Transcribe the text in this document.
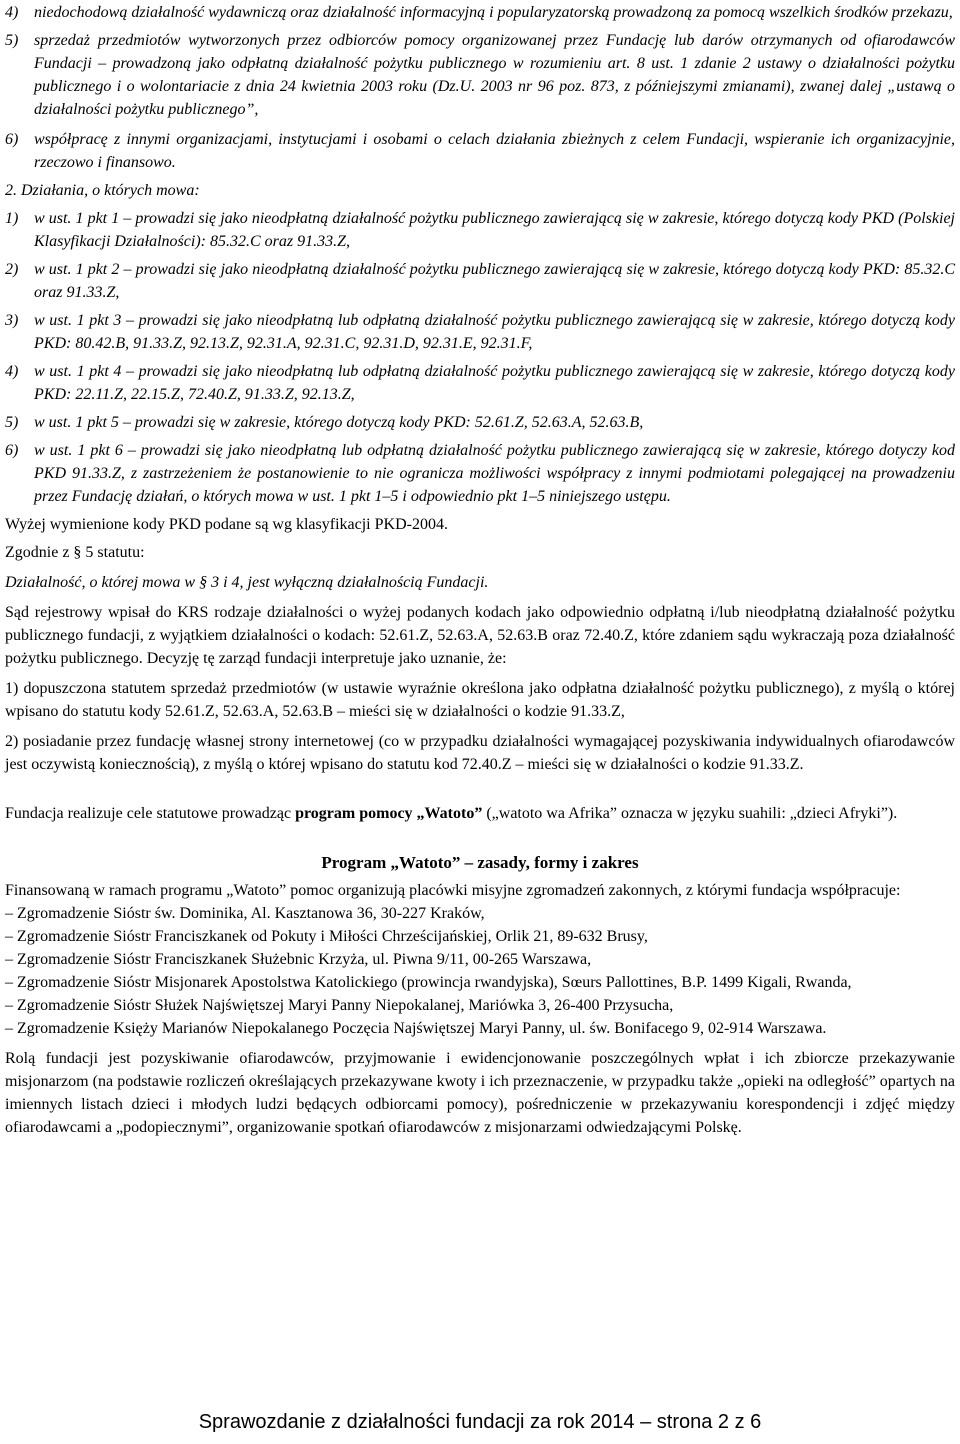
4) niedochodową działalność wydawniczą oraz działalność informacyjną i popularyzatorską prowadzoną za pomocą wszelkich środków przekazu,
5) sprzedaż przedmiotów wytworzonych przez odbiorców pomocy organizowanej przez Fundację lub darów otrzymanych od ofiarodawców Fundacji – prowadzoną jako odpłatną działalność pożytku publicznego w rozumieniu art. 8 ust. 1 zdanie 2 ustawy o działalności pożytku publicznego i o wolontariacie z dnia 24 kwietnia 2003 roku (Dz.U. 2003 nr 96 poz. 873, z późniejszymi zmianami), zwanej dalej „ustawą o działalności pożytku publicznego”,
6) współpracę z innymi organizacjami, instytucjami i osobami o celach działania zbieżnych z celem Fundacji, wspieranie ich organizacyjnie, rzeczowo i finansowo.

2. Działania, o których mowa:

1) w ust. 1 pkt 1 – prowadzi się jako nieodpłatną działalność pożytku publicznego zawierającą się w zakresie, którego dotyczą kody PKD (Polskiej Klasyfikacji Działalności): 85.32.C oraz 91.33.Z,
2) w ust. 1 pkt 2 – prowadzi się jako nieodpłatną działalność pożytku publicznego zawierającą się w zakresie, którego dotyczą kody PKD: 85.32.C oraz 91.33.Z,
3) w ust. 1 pkt 3 – prowadzi się jako nieodpłatną lub odpłatną działalność pożytku publicznego zawierającą się w zakresie, którego dotyczą kody PKD: 80.42.B, 91.33.Z, 92.13.Z, 92.31.A, 92.31.C, 92.31.D, 92.31.E, 92.31.F,
4) w ust. 1 pkt 4 – prowadzi się jako nieodpłatną lub odpłatną działalność pożytku publicznego zawierającą się w zakresie, którego dotyczą kody PKD: 22.11.Z, 22.15.Z, 72.40.Z, 91.33.Z, 92.13.Z,
5) w ust. 1 pkt 5 – prowadzi się w zakresie, którego dotyczą kody PKD: 52.61.Z, 52.63.A, 52.63.B,
6) w ust. 1 pkt 6 – prowadzi się jako nieodpłatną lub odpłatną działalność pożytku publicznego zawierającą się w zakresie, którego dotyczy kod PKD 91.33.Z, z zastrzeżeniem że postanowienie to nie ogranicza możliwości współpracy z innymi podmiotami polegającej na prowadzeniu przez Fundację działań, o których mowa w ust. 1 pkt 1–5 i odpowiednio pkt 1–5 niniejszego ustępu.

Wyżej wymienione kody PKD podane są wg klasyfikacji PKD-2004.

Zgodnie z § 5 statutu:

Działalność, o której mowa w § 3 i 4, jest wyłączną działalnością Fundacji.

Sąd rejestrowy wpisał do KRS rodzaje działalności o wyżej podanych kodach jako odpowiednio odpłatną i/lub nieodpłatną działalność pożytku publicznego fundacji, z wyjątkiem działalności o kodach: 52.61.Z, 52.63.A, 52.63.B oraz 72.40.Z, które zdaniem sądu wykraczają poza działalność pożytku publicznego. Decyzję tę zarząd fundacji interpretuje jako uznanie, że:

1) dopuszczona statutem sprzedaż przedmiotów (w ustawie wyraźnie określona jako odpłatna działalność pożytku publicznego), z myślą o której wpisano do statutu kody 52.61.Z, 52.63.A, 52.63.B – mieści się w działalności o kodzie 91.33.Z,

2) posiadanie przez fundację własnej strony internetowej (co w przypadku działalności wymagającej pozyskiwania indywidualnych ofiarodawców jest oczywistą koniecznością), z myślą o której wpisano do statutu kod 72.40.Z – mieści się w działalności o kodzie 91.33.Z.

Fundacja realizuje cele statutowe prowadząc program pomocy „Watoto” („watoto wa Afrika” oznacza w języku suahili: „dzieci Afryki”).

Program „Watoto” – zasady, formy i zakres

Finansowaną w ramach programu „Watoto” pomoc organizują placówki misyjne zgromadzeń zakonnych, z którymi fundacja współpracuje:

– Zgromadzenie Sióstr św. Dominika, Al. Kasztanowa 36, 30-227 Kraków,

– Zgromadzenie Sióstr Franciszkanek od Pokuty i Miłości Chrześcijańskiej, Orlik 21, 89-632 Brusy,

– Zgromadzenie Sióstr Franciszkanek Służebnic Krzyża, ul. Piwna 9/11, 00-265 Warszawa,

– Zgromadzenie Sióstr Misjonarek Apostolstwa Katolickiego (prowincja rwandyjska), Sœurs Pallottines, B.P. 1499 Kigali, Rwanda,

– Zgromadzenie Sióstr Służek Najświętszej Maryi Panny Niepokalanej, Mariówka 3, 26-400 Przysucha,

– Zgromadzenie Księży Marianów Niepokalanego Poczęcia Najświętszej Maryi Panny, ul. św. Bonifacego 9, 02-914 Warszawa.

Rolą fundacji jest pozyskiwanie ofiarodawców, przyjmowanie i ewidencjonowanie poszczególnych wpłat i ich zbiorcze przekazywanie misjonarzom (na podstawie rozliczeń określających przekazywane kwoty i ich przeznaczenie, w przypadku także „opieki na odległość” opartych na imiennych listach dzieci i młodych ludzi będących odbiorcami pomocy), pośredniczenie w przekazywaniu korespondencji i zdjęć między ofiarodawcami a „podopiecznymi”, organizowanie spotkań ofiarodawców z misjonarzami odwiedzającymi Polskę.

Sprawozdanie z działalności fundacji za rok 2014 – strona 2 z 6
